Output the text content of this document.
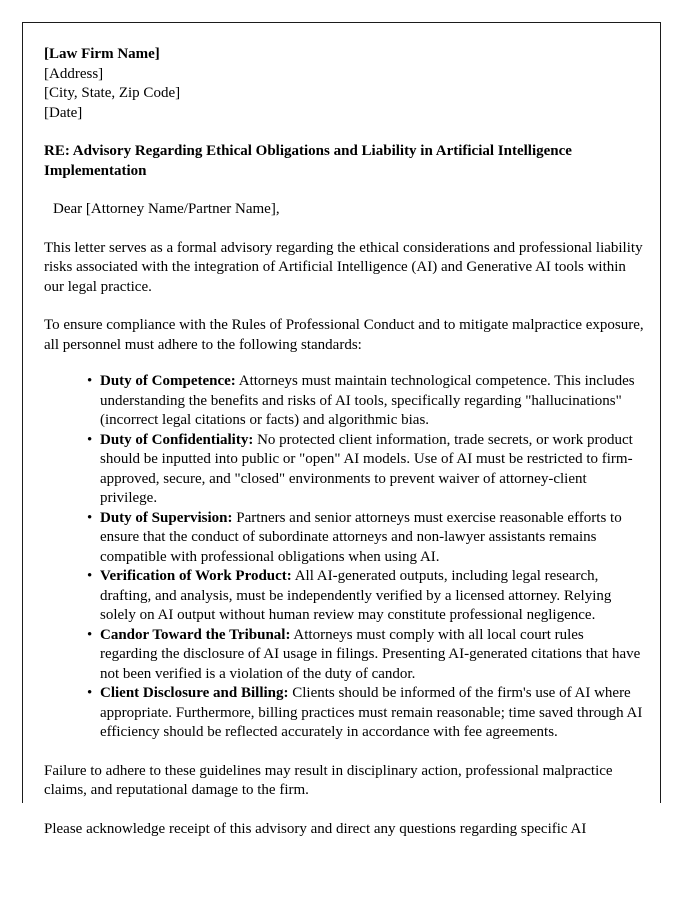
[Law Firm Name]
[Address]
[City, State, Zip Code]
[Date]
RE: Advisory Regarding Ethical Obligations and Liability in Artificial Intelligence Implementation
Dear [Attorney Name/Partner Name],

This letter serves as a formal advisory regarding the ethical considerations and professional liability risks associated with the integration of Artificial Intelligence (AI) and Generative AI tools within our legal practice.

To ensure compliance with the Rules of Professional Conduct and to mitigate malpractice exposure, all personnel must adhere to the following standards:

• Duty of Competence: Attorneys must maintain technological competence. This includes understanding the benefits and risks of AI tools, specifically regarding "hallucinations" (incorrect legal citations or facts) and algorithmic bias.
• Duty of Confidentiality: No protected client information, trade secrets, or work product should be inputted into public or "open" AI models. Use of AI must be restricted to firm-approved, secure, and "closed" environments to prevent waiver of attorney-client privilege.
• Duty of Supervision: Partners and senior attorneys must exercise reasonable efforts to ensure that the conduct of subordinate attorneys and non-lawyer assistants remains compatible with professional obligations when using AI.
• Verification of Work Product: All AI-generated outputs, including legal research, drafting, and analysis, must be independently verified by a licensed attorney. Relying solely on AI output without human review may constitute professional negligence.
• Candor Toward the Tribunal: Attorneys must comply with all local court rules regarding the disclosure of AI usage in filings. Presenting AI-generated citations that have not been verified is a violation of the duty of candor.
• Client Disclosure and Billing: Clients should be informed of the firm's use of AI where appropriate. Furthermore, billing practices must remain reasonable; time saved through AI efficiency should be reflected accurately in accordance with fee agreements.

Failure to adhere to these guidelines may result in disciplinary action, professional malpractice claims, and reputational damage to the firm.

Please acknowledge receipt of this advisory and direct any questions regarding specific AI
